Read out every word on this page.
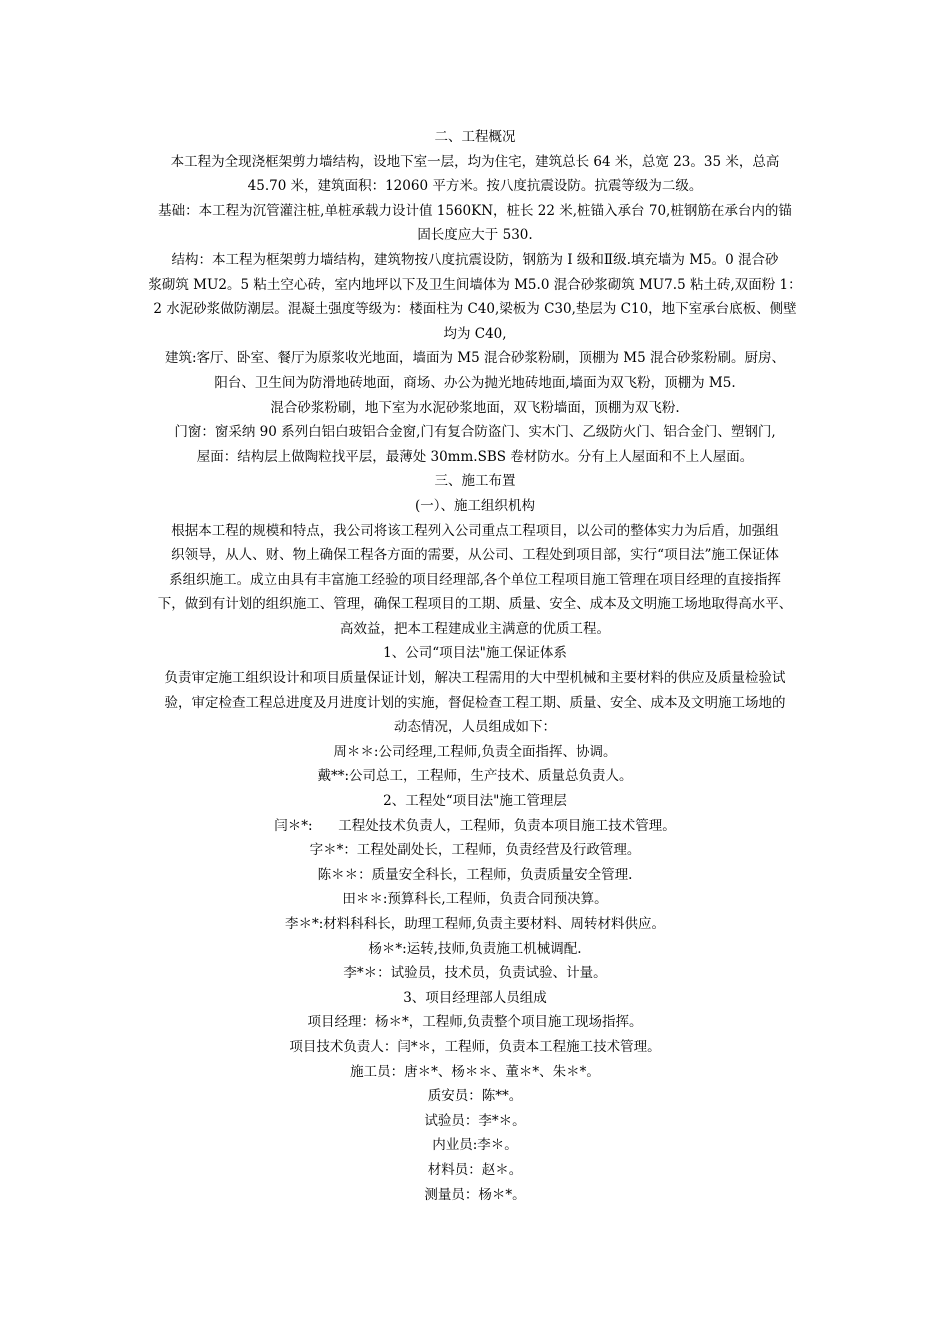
二、工程概况

本工程为全现浇框架剪力墙结构，设地下室一层，均为住宅，建筑总长 64 米，总宽 23。35 米，总高

45.70 米，建筑面积：12060 平方米。按八度抗震设防。抗震等级为二级。

基础：本工程为沉管灌注桩,单桩承载力设计值 1560KN，桩长 22 米,桩锚入承台 70,桩钢筋在承台内的锚

固长度应大于 530.

结构：本工程为框架剪力墙结构，建筑物按八度抗震设防，钢筋为 I 级和Ⅱ级.填充墙为 M5。0 混合砂

浆砌筑 MU2。5 粘土空心砖，室内地坪以下及卫生间墙体为 M5.0 混合砂浆砌筑 MU7.5 粘土砖,双面粉 1：

2 水泥砂浆做防潮层。混凝土强度等级为：楼面柱为 C40,梁板为 C30,垫层为 C10，地下室承台底板、侧壁

均为 C40,

建筑:客厅、卧室、餐厅为原浆收光地面，墙面为 M5 混合砂浆粉刷，顶棚为 M5 混合砂浆粉刷。厨房、

阳台、卫生间为防滑地砖地面，商场、办公为抛光地砖地面,墙面为双飞粉，顶棚为 M5.

混合砂浆粉刷，地下室为水泥砂浆地面，双飞粉墙面，顶棚为双飞粉.

门窗：窗采纳 90 系列白铝白玻铝合金窗,门有复合防盗门、实木门、乙级防火门、铝合金门、塑钢门,

屋面：结构层上做陶粒找平层，最薄处 30mm.SBS 卷材防水。分有上人屋面和不上人屋面。

三、施工布置

(一）、施工组织机构

根据本工程的规模和特点，我公司将该工程列入公司重点工程项目，以公司的整体实力为后盾，加强组

织领导，从人、财、物上确保工程各方面的需要，从公司、工程处到项目部，实行“项目法”施工保证体

系组织施工。成立由具有丰富施工经验的项目经理部,各个单位工程项目施工管理在项目经理的直接指挥

下，做到有计划的组织施工、管理，确保工程项目的工期、质量、安全、成本及文明施工场地取得高水平、

高效益，把本工程建成业主满意的优质工程。

1、公司“项目法"施工保证体系

负责审定施工组织设计和项目质量保证计划，解决工程需用的大中型机械和主要材料的供应及质量检验试

验，审定检查工程总进度及月进度计划的实施，督促检查工程工期、质量、安全、成本及文明施工场地的

动态情况，人员组成如下：

周＊＊:公司经理,工程师,负责全面指挥、协调。

戴**:公司总工，工程师，生产技术、质量总负责人。

2、工程处“项目法"施工管理层

闫＊*:      工程处技术负责人，工程师，负责本项目施工技术管理。

字＊*：工程处副处长，工程师，负责经营及行政管理。

陈＊＊：质量安全科长，工程师，负责质量安全管理.

田＊＊:预算科长,工程师，负责合同预决算。

李＊*:材料科科长，助理工程师,负责主要材料、周转材料供应。

杨＊*:运转,技师,负责施工机械调配.

李*＊：试验员，技术员，负责试验、计量。

3、项目经理部人员组成

项目经理：杨＊*，工程师,负责整个项目施工现场指挥。

项目技术负责人：闫*＊，工程师，负责本工程施工技术管理。

施工员：唐＊*、杨＊＊、董＊*、朱＊*。

质安员：陈**。

试验员：李*＊。

内业员:李＊。

材料员：赵＊。

测量员：杨＊*。
